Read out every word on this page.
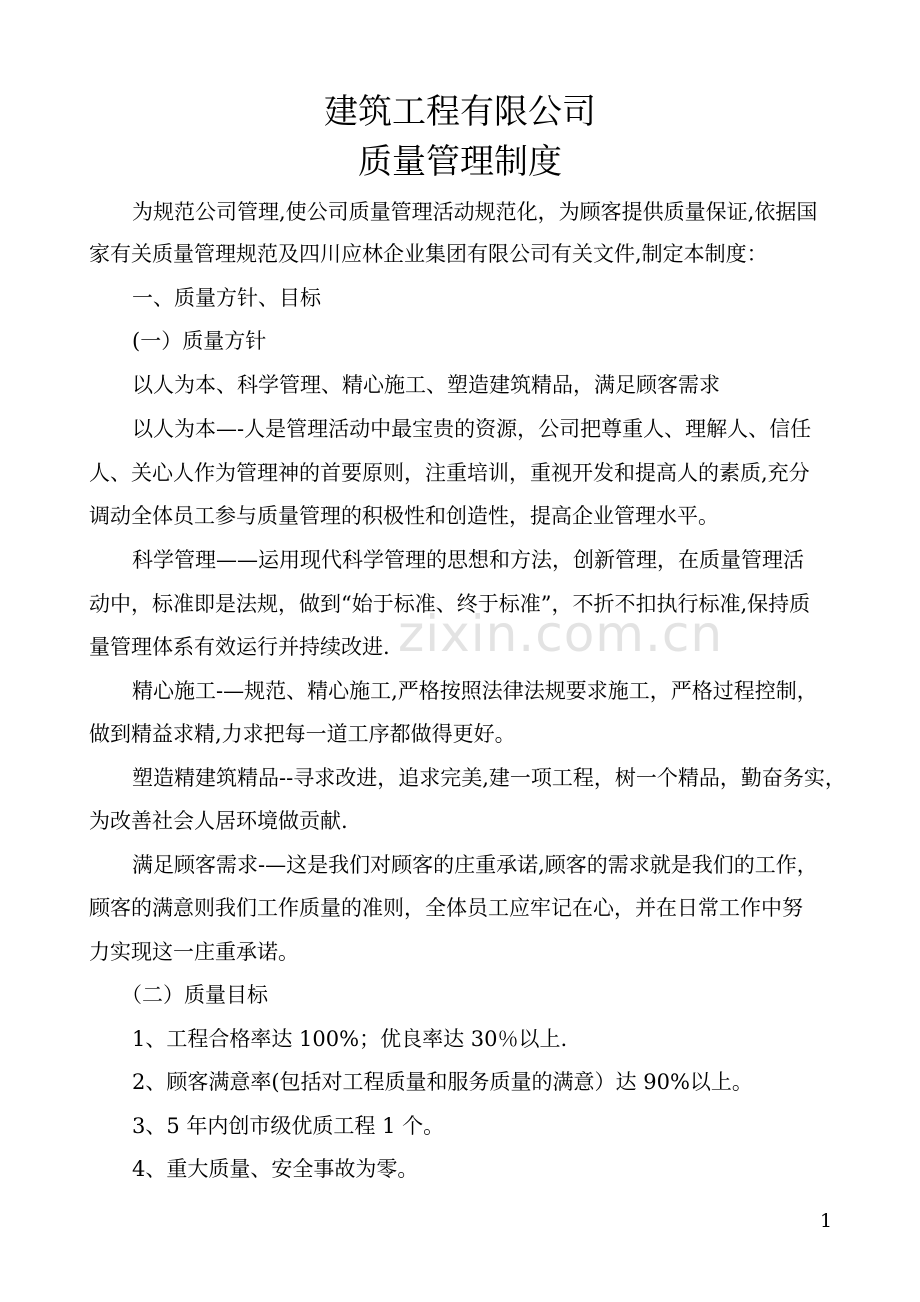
建筑工程有限公司
质量管理制度
zixin.com.cn

为规范公司管理,使公司质量管理活动规范化，为顾客提供质量保证,依据国

家有关质量管理规范及四川应林企业集团有限公司有关文件,制定本制度：

一、质量方针、目标

(一）质量方针

以人为本、科学管理、精心施工、塑造建筑精品，满足顾客需求

以人为本—-人是管理活动中最宝贵的资源，公司把尊重人、理解人、信任

人、关心人作为管理神的首要原则，注重培训，重视开发和提高人的素质,充分

调动全体员工参与质量管理的积极性和创造性，提高企业管理水平。

科学管理——运用现代科学管理的思想和方法，创新管理，在质量管理活

动中，标准即是法规，做到“始于标准、终于标准”，不折不扣执行标准,保持质

量管理体系有效运行并持续改进.

精心施工-—规范、精心施工,严格按照法律法规要求施工，严格过程控制，

做到精益求精,力求把每一道工序都做得更好。

塑造精建筑精品--寻求改进，追求完美,建一项工程，树一个精品，勤奋务实，

为改善社会人居环境做贡献.

满足顾客需求-—这是我们对顾客的庄重承诺,顾客的需求就是我们的工作，

顾客的满意则我们工作质量的准则，全体员工应牢记在心，并在日常工作中努

力实现这一庄重承诺。

（二）质量目标

1、工程合格率达 100%；优良率达 30％以上.

2、顾客满意率(包括对工程质量和服务质量的满意）达 90%以上。

3、5 年内创市级优质工程 1 个。

4、重大质量、安全事故为零。

1
